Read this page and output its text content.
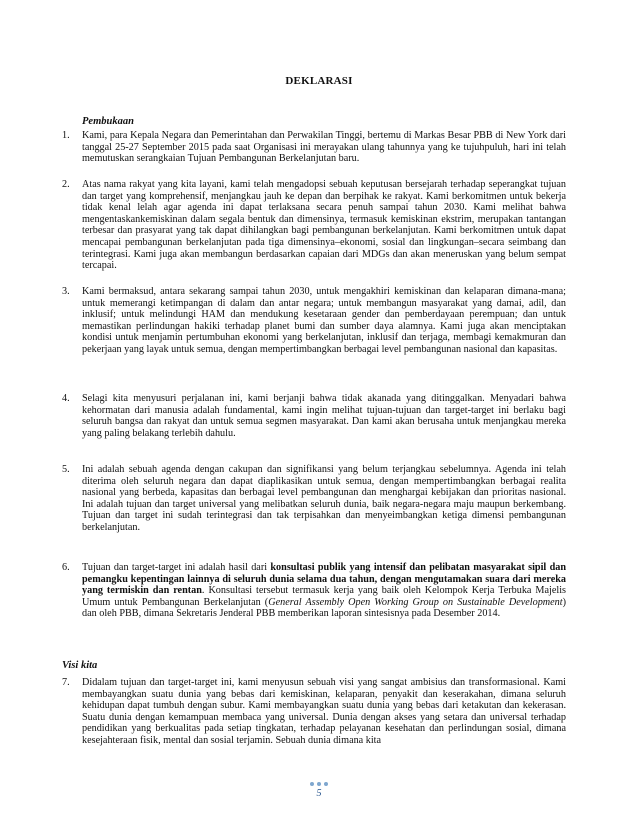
DEKLARASI
Pembukaan
1.	Kami, para Kepala Negara dan Pemerintahan dan Perwakilan Tinggi, bertemu di Markas Besar PBB di New York dari tanggal 25-27 September 2015 pada saat Organisasi ini merayakan ulang tahunnya yang ke tujuhpuluh, hari ini telah memutuskan serangkaian Tujuan Pembangunan Berkelanjutan baru.
2.	Atas nama rakyat yang kita layani, kami telah mengadopsi sebuah keputusan bersejarah terhadap seperangkat tujuan dan target yang komprehensif, menjangkau jauh ke depan dan berpihak ke rakyat. Kami berkomitmen untuk bekerja tidak kenal lelah agar agenda ini dapat terlaksana secara penuh sampai tahun 2030. Kami melihat bahwa mengentaskankemiskinan dalam segala bentuk dan dimensinya, termasuk kemiskinan ekstrim, merupakan tantangan terbesar dan prasyarat yang tak dapat dihilangkan bagi pembangunan berkelanjutan. Kami berkomitmen untuk dapat mencapai pembangunan berkelanjutan pada tiga dimensinya–ekonomi, sosial dan lingkungan–secara seimbang dan terintegrasi. Kami juga akan membangun berdasarkan capaian dari MDGs dan akan meneruskan yang belum sempat tercapai.
3.	Kami bermaksud, antara sekarang sampai tahun 2030, untuk mengakhiri kemiskinan dan kelaparan dimana-mana; untuk memerangi ketimpangan di dalam dan antar negara; untuk membangun masyarakat yang damai, adil, dan inklusif; untuk melindungi HAM dan mendukung kesetaraan gender dan pemberdayaan perempuan; dan untuk memastikan perlindungan hakiki terhadap planet bumi dan sumber daya alamnya. Kami juga akan menciptakan kondisi untuk menjamin pertumbuhan ekonomi yang berkelanjutan, inklusif dan terjaga, membagi kemakmuran dan pekerjaan yang layak untuk semua, dengan mempertimbangkan berbagai level pembangunan nasional dan kapasitas.
4.	Selagi kita menyusuri perjalanan ini, kami berjanji bahwa tidak akanada yang ditinggalkan. Menyadari bahwa kehormatan dari manusia adalah fundamental, kami ingin melihat tujuan-tujuan dan target-target ini berlaku bagi seluruh bangsa dan rakyat dan untuk semua segmen masyarakat. Dan kami akan berusaha untuk menjangkau mereka yang paling belakang terlebih dahulu.
5.	Ini adalah sebuah agenda dengan cakupan dan signifikansi yang belum terjangkau sebelumnya. Agenda ini telah diterima oleh seluruh negara dan dapat diaplikasikan untuk semua, dengan mempertimbangkan berbagai realita nasional yang berbeda, kapasitas dan berbagai level pembangunan dan menghargai kebijakan dan prioritas nasional. Ini adalah tujuan dan target universal yang melibatkan seluruh dunia, baik negara-negara maju maupun berkembang. Tujuan dan target ini sudah terintegrasi dan tak terpisahkan dan menyeimbangkan ketiga dimensi pembangunan berkelanjutan.
6.	Tujuan dan target-target ini adalah hasil dari konsultasi publik yang intensif dan pelibatan masyarakat sipil dan pemangku kepentingan lainnya di seluruh dunia selama dua tahun, dengan mengutamakan suara dari mereka yang termiskin dan rentan. Konsultasi tersebut termasuk kerja yang baik oleh Kelompok Kerja Terbuka Majelis Umum untuk Pembangunan Berkelanjutan (General Assembly Open Working Group on Sustainable Development) dan oleh PBB, dimana Sekretaris Jenderal PBB memberikan laporan sintesisnya pada Desember 2014.
Visi kita
7.	Didalam tujuan dan target-target ini, kami menyusun sebuah visi yang sangat ambisius dan transformasional. Kami membayangkan suatu dunia yang bebas dari kemiskinan, kelaparan, penyakit dan keserakahan, dimana seluruh kehidupan dapat tumbuh dengan subur. Kami membayangkan suatu dunia yang bebas dari ketakutan dan kekerasan. Suatu dunia dengan kemampuan membaca yang universal. Dunia dengan akses yang setara dan universal terhadap pendidikan yang berkualitas pada setiap tingkatan, terhadap pelayanan kesehatan dan perlindungan sosial, dimana kesejahteraan fisik, mental dan sosial terjamin. Sebuah dunia dimana kita
5
